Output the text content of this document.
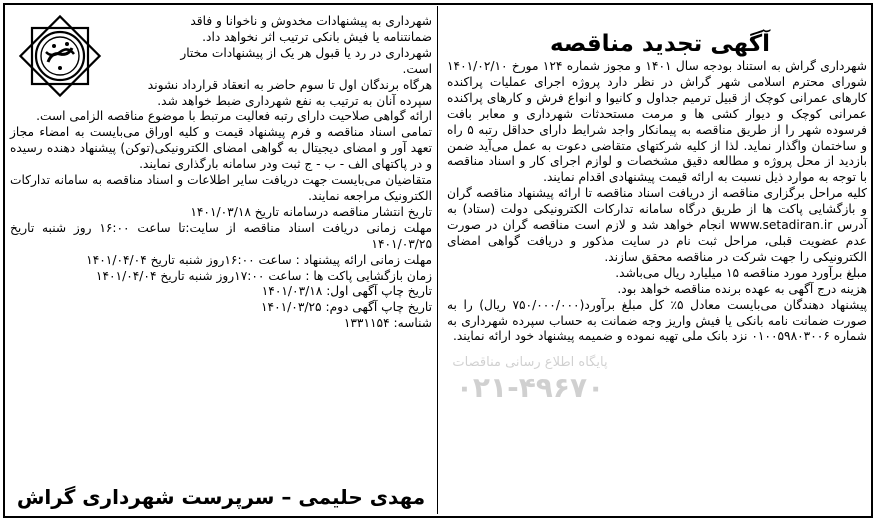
آگهی تجدید مناقصه

شهرداری گراش به استناد بودجه سال ۱۴۰۱ و مجوز شماره ۱۲۴ مورخ ۱۴۰۱/۰۲/۱۰ شورای محترم اسلامی شهر گراش در نظر دارد پروژه اجرای عملیات پراکنده کارهای عمرانی کوچک از قبیل ترمیم جداول و کانیوا و انواع فرش و کارهای پراکنده عمرانی کوچک و دیوار کشی ها و مرمت مستحدثات شهرداری و معابر بافت فرسوده شهر را از طریق مناقصه به پیمانکار واجد شرایط دارای حداقل رتبه ۵ راه و ساختمان واگذار نماید. لذا از کلیه شرکتهای متقاضی دعوت به عمل می‌آید ضمن بازدید از محل پروژه و مطالعه دقیق مشخصات و لوازم اجرای کار و اسناد مناقصه با توجه به موارد ذیل نسبت به ارائه قیمت پیشنهادی اقدام نمایند.

کلیه مراحل برگزاری مناقصه از دریافت اسناد مناقصه تا ارائه پیشنهاد مناقصه گران و بازگشایی پاکت ها از طریق درگاه سامانه تدارکات الکترونیکی دولت (ستاد) به آدرس www.setadiran.ir انجام خواهد شد و لازم است مناقصه گران در صورت عدم عضویت قبلی، مراحل ثبت نام در سایت مذکور و دریافت گواهی امضای الکترونیکی را جهت شرکت در مناقصه محقق سازند.

مبلغ برآورد مورد مناقصه ۱۵ میلیارد ریال می‌باشد.

هزینه درج آگهی به عهده برنده مناقصه خواهد بود.

پیشنهاد دهندگان می‌بایست معادل ۵٪ کل مبلغ برآورد(۷۵۰/۰۰۰/۰۰۰ ریال) را به صورت ضمانت نامه بانکی یا فیش واریز وجه ضمانت به حساب سپرده شهرداری به شماره ۰۱۰۰۵۹۸۰۳۰۰۶ نزد بانک ملی تهیه نموده و ضمیمه پیشنهاد خود ارائه نمایند.

پایگاه اطلاع رسانی مناقصات
۰۲۱-۴۹۶۷۰
شهرداری به پیشنهادات مخدوش و ناخوانا و فاقد
ضمانتنامه یا فیش بانکی ترتیب اثر نخواهد داد.
شهرداری در رد یا قبول هر یک از پیشنهادات مختار
است.
هرگاه برندگان اول تا سوم حاضر به انعقاد قرارداد نشوند
سپرده آنان به ترتیب به نفع شهرداری ضبط خواهد شد.

ارائه گواهی صلاحیت دارای رتبه فعالیت مرتبط با موضوع مناقصه الزامی است.

تمامی اسناد مناقصه و فرم پیشنهاد قیمت و کلیه اوراق می‌بایست به امضاء مجاز تعهد آور و امضای دیجیتال به گواهی امضای الکترونیکی(توکن) پیشنهاد دهنده رسیده و در پاکتهای الف - ب - ج ثبت ودر سامانه بارگذاری نمایند.

متقاضیان می‌بایست جهت دریافت سایر اطلاعات و اسناد مناقصه به سامانه تدارکات الکترونیک مراجعه نمایند.

تاریخ انتشار مناقصه درسامانه تاریخ ۱۴۰۱/۰۳/۱۸
مهلت زمانی دریافت اسناد مناقصه از سایت:تا ساعت ۱۶:۰۰ روز شنبه تاریخ ۱۴۰۱/۰۳/۲۵
مهلت زمانی ارائه پیشنهاد : ساعت ۱۶:۰۰روز شنبه تاریخ ۱۴۰۱/۰۴/۰۴
زمان بازگشایی پاکت ها : ساعت ۱۷:۰۰روز شنبه تاریخ ۱۴۰۱/۰۴/۰۴
تاریخ چاپ آگهی اول: ۱۴۰۱/۰۳/۱۸
تاریخ چاپ آگهی دوم: ۱۴۰۱/۰۳/۲۵
شناسه: ۱۳۳۱۱۵۴

مهدی حلیمی – سرپرست شهرداری گراش
